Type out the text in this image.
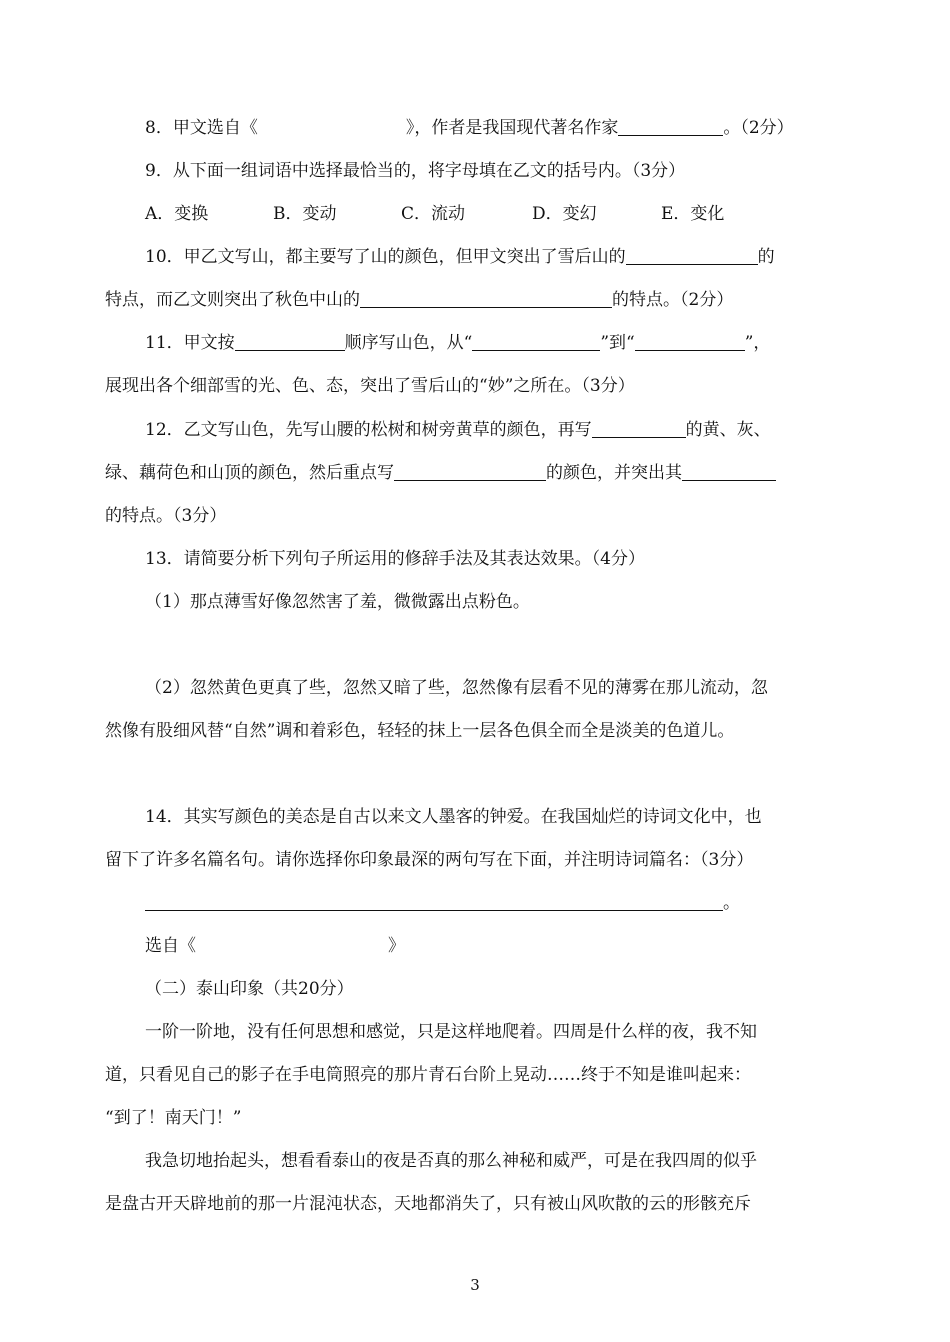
8．甲文选自《	》，作者是我国现代著名作家	。（2分）
9．从下面一组词语中选择最恰当的，将字母填在乙文的括号内。（3分）
A．变换	B．变动	C．流动	D．变幻	E．变化
10．甲乙文写山，都主要写了山的颜色，但甲文突出了雪后山的	的
特点，而乙文则突出了秋色中山的	的特点。（2分）
11．甲文按	顺序写山色，从“	”到“	”，
展现出各个细部雪的光、色、态，突出了雪后山的“妙”之所在。（3分）
12．乙文写山色，先写山腰的松树和树旁黄草的颜色，再写	的黄、灰、
绿、藕荷色和山顶的颜色，然后重点写	的颜色，并突出其
的特点。（3分）
13．请简要分析下列句子所运用的修辞手法及其表达效果。（4分）
（1）那点薄雪好像忽然害了羞，微微露出点粉色。
（2）忽然黄色更真了些，忽然又暗了些，忽然像有层看不见的薄雾在那儿流动，忽
然像有股细风替“自然”调和着彩色，轻轻的抹上一层各色俱全而全是淡美的色道儿。
14．其实写颜色的美态是自古以来文人墨客的钟爱。在我国灿烂的诗词文化中，也
留下了许多名篇名句。请你选择你印象最深的两句写在下面，并注明诗词篇名：（3分）
。
选自《	》
（二）泰山印象（共20分）
一阶一阶地，没有任何思想和感觉，只是这样地爬着。四周是什么样的夜，我不知
道，只看见自己的影子在手电筒照亮的那片青石台阶上晃动……终于不知是谁叫起来：
“到了！南天门！”
我急切地抬起头，想看看泰山的夜是否真的那么神秘和威严，可是在我四周的似乎
是盘古开天辟地前的那一片混沌状态，天地都消失了，只有被山风吹散的云的形骸充斥
3
